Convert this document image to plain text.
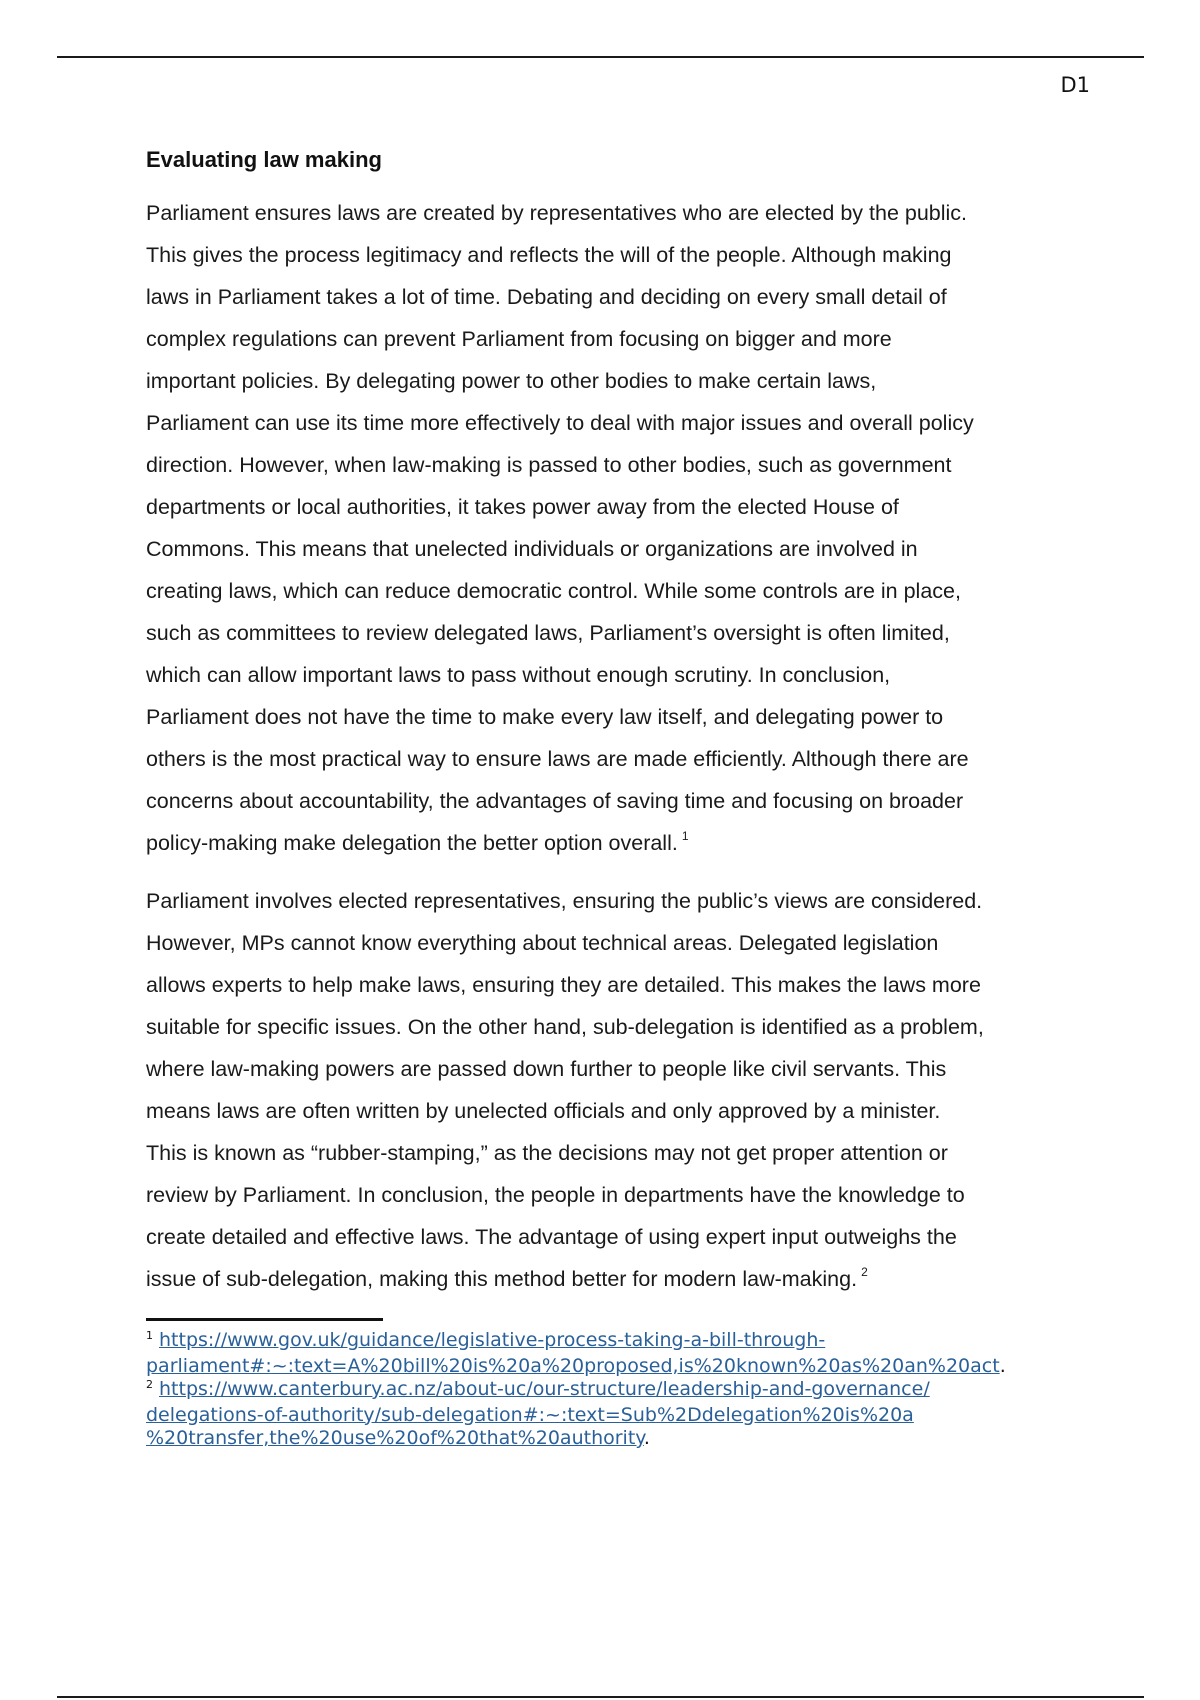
D1
Evaluating law making

Parliament ensures laws are created by representatives who are elected by the public.
This gives the process legitimacy and reflects the will of the people. Although making
laws in Parliament takes a lot of time. Debating and deciding on every small detail of
complex regulations can prevent Parliament from focusing on bigger and more
important policies. By delegating power to other bodies to make certain laws,
Parliament can use its time more effectively to deal with major issues and overall policy
direction. However, when law-making is passed to other bodies, such as government
departments or local authorities, it takes power away from the elected House of
Commons. This means that unelected individuals or organizations are involved in
creating laws, which can reduce democratic control. While some controls are in place,
such as committees to review delegated laws, Parliament’s oversight is often limited,
which can allow important laws to pass without enough scrutiny. In conclusion,
Parliament does not have the time to make every law itself, and delegating power to
others is the most practical way to ensure laws are made efficiently. Although there are
concerns about accountability, the advantages of saving time and focusing on broader
policy-making make delegation the better option overall. $^1$

Parliament involves elected representatives, ensuring the public’s views are considered.
However, MPs cannot know everything about technical areas. Delegated legislation
allows experts to help make laws, ensuring they are detailed. This makes the laws more
suitable for specific issues. On the other hand, sub-delegation is identified as a problem,
where law-making powers are passed down further to people like civil servants. This
means laws are often written by unelected officials and only approved by a minister.
This is known as “rubber-stamping,” as the decisions may not get proper attention or
review by Parliament. In conclusion, the people in departments have the knowledge to
create detailed and effective laws. The advantage of using expert input outweighs the
issue of sub-delegation, making this method better for modern law-making. $^2$

$^1$ https://www.gov.uk/guidance/legislative-process-taking-a-bill-through-
parliament#:~:text=A%20bill%20is%20a%20proposed,is%20known%20as%20an%20act.

$^2$ https://www.canterbury.ac.nz/about-uc/our-structure/leadership-and-governance/
delegations-of-authority/sub-delegation#:~:text=Sub%2Ddelegation%20is%20a
%20transfer,the%20use%20of%20that%20authority.
